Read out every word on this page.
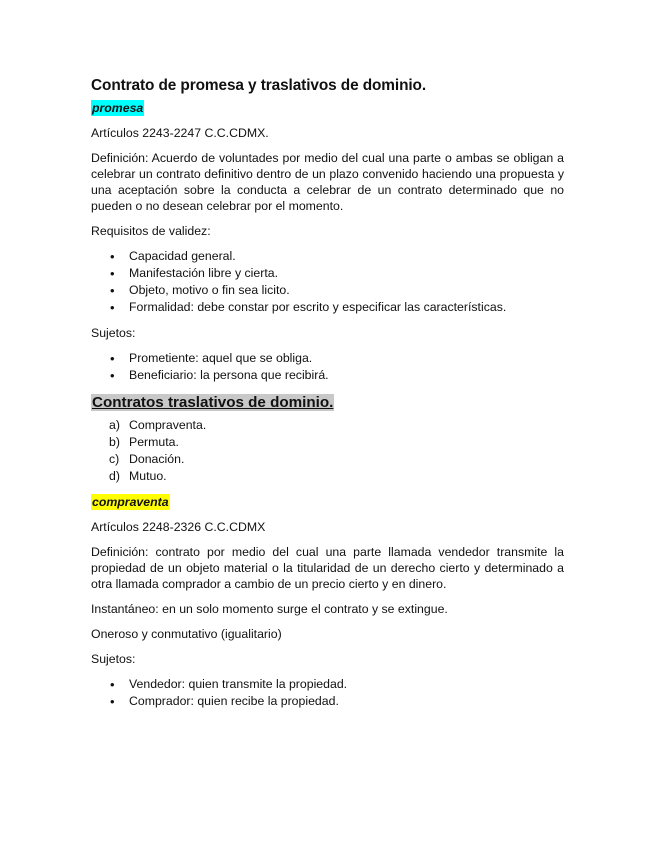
Contrato de promesa y traslativos de dominio.

promesa

Artículos 2243-2247 C.C.CDMX.

Definición: Acuerdo de voluntades por medio del cual una parte o ambas se obligan a celebrar un contrato definitivo dentro de un plazo convenido haciendo una propuesta y una aceptación sobre la conducta a celebrar de un contrato determinado que no pueden o no desean celebrar por el momento.

Requisitos de validez:

• Capacidad general.
• Manifestación libre y cierta.
• Objeto, motivo o fin sea licito.
• Formalidad: debe constar por escrito y especificar las características.

Sujetos:

• Prometiente: aquel que se obliga.
• Beneficiario: la persona que recibirá.
Contratos traslativos de dominio.
a) Compraventa.
b) Permuta.
c) Donación.
d) Mutuo.

compraventa

Artículos 2248-2326 C.C.CDMX

Definición: contrato por medio del cual una parte llamada vendedor transmite la propiedad de un objeto material o la titularidad de un derecho cierto y determinado a otra llamada comprador a cambio de un precio cierto y en dinero.

Instantáneo: en un solo momento surge el contrato y se extingue.

Oneroso y conmutativo (igualitario)

Sujetos:

• Vendedor: quien transmite la propiedad.
• Comprador: quien recibe la propiedad.
